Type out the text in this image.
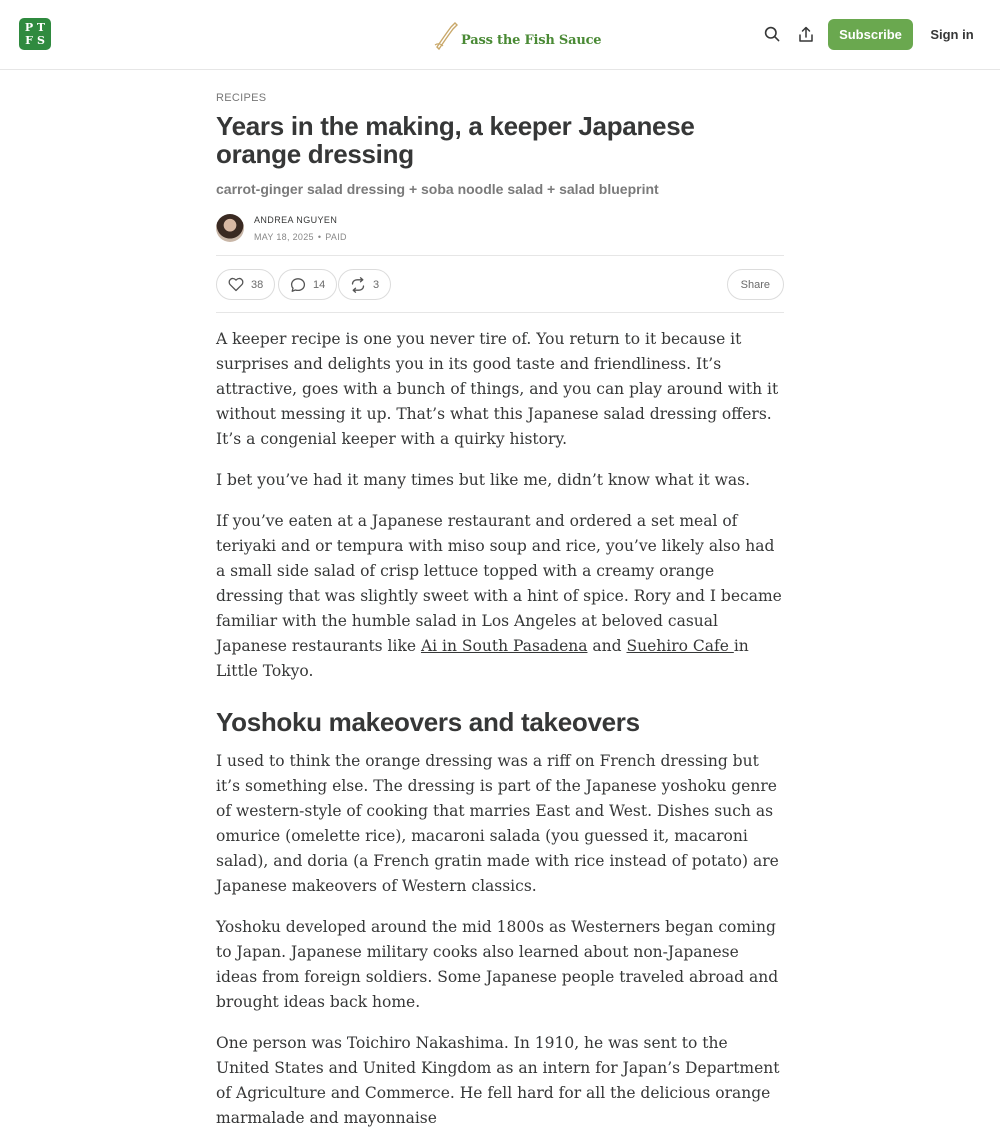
P T
F S	Pass the Fish Sauce	Subscribe	Sign in
RECIPES
Years in the making, a keeper Japanese orange dressing
carrot-ginger salad dressing + soba noodle salad + salad blueprint
ANDREA NGUYEN
MAY 18, 2025 • PAID
38	14	3	Share

A keeper recipe is one you never tire of. You return to it because it surprises and delights you in its good taste and friendliness. It’s attractive, goes with a bunch of things, and you can play around with it without messing it up. That’s what this Japanese salad dressing offers. It’s a congenial keeper with a quirky history.

I bet you’ve had it many times but like me, didn’t know what it was.

If you’ve eaten at a Japanese restaurant and ordered a set meal of teriyaki and or tempura with miso soup and rice, you’ve likely also had a small side salad of crisp lettuce topped with a creamy orange dressing that was slightly sweet with a hint of spice. Rory and I became familiar with the humble salad in Los Angeles at beloved casual Japanese restaurants like Ai in South Pasadena and Suehiro Cafe in Little Tokyo.

Yoshoku makeovers and takeovers

I used to think the orange dressing was a riff on French dressing but it’s something else. The dressing is part of the Japanese yoshoku genre of western-style of cooking that marries East and West. Dishes such as omurice (omelette rice), macaroni salada (you guessed it, macaroni salad), and doria (a French gratin made with rice instead of potato) are Japanese makeovers of Western classics.

Yoshoku developed around the mid 1800s as Westerners began coming to Japan. Japanese military cooks also learned about non-Japanese ideas from foreign soldiers. Some Japanese people traveled abroad and brought ideas back home.

One person was Toichiro Nakashima. In 1910, he was sent to the United States and United Kingdom as an intern for Japan’s Department of Agriculture and Commerce. He fell hard for all the delicious orange marmalade and mayonnaise
